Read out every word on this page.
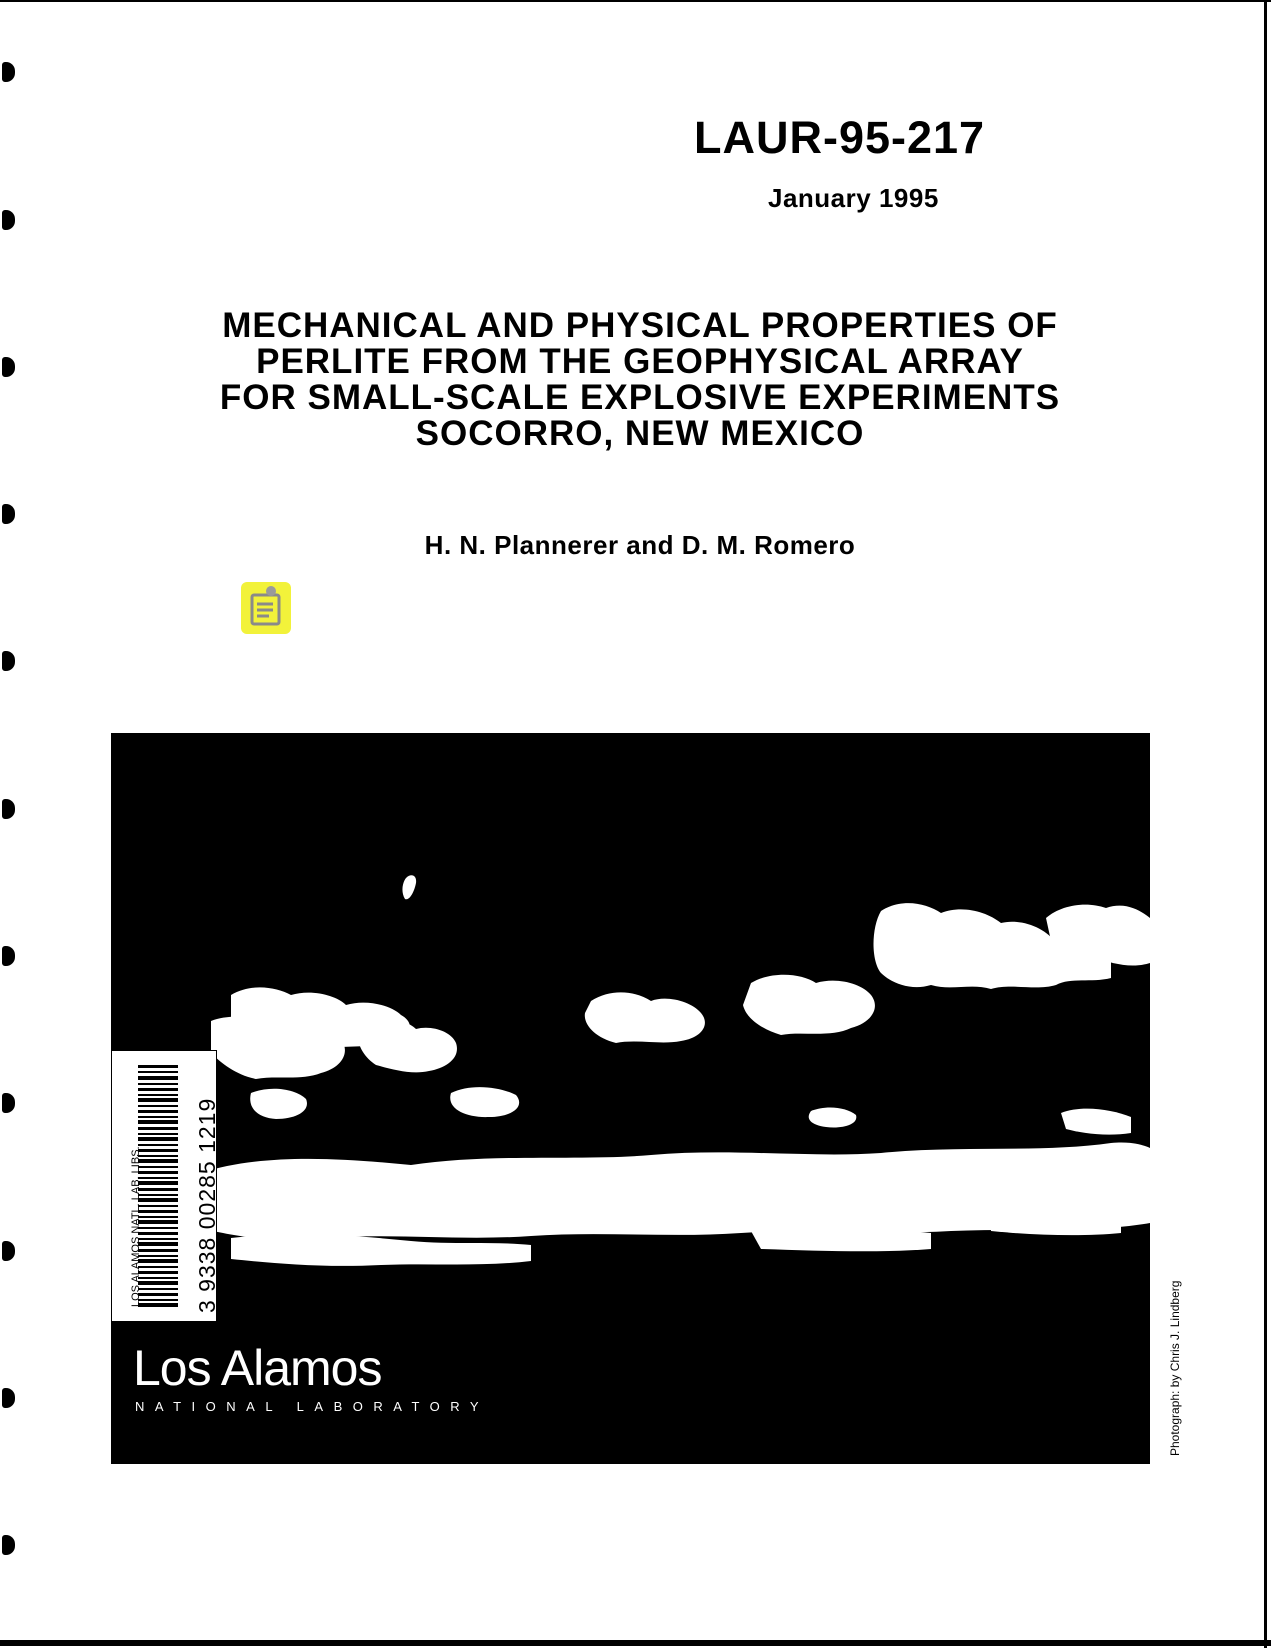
LAUR-95-217
January 1995
MECHANICAL AND PHYSICAL PROPERTIES OF
PERLITE FROM THE GEOPHYSICAL ARRAY
FOR SMALL-SCALE EXPLOSIVE EXPERIMENTS
SOCORRO, NEW MEXICO
H. N. Plannerer and D. M. Romero
Los Alamos
NATIONAL LABORATORY
LOS ALAMOS NATL. LAB. LIBS. 3 9338 00285 1219
Photograph: by Chris J. Lindberg
